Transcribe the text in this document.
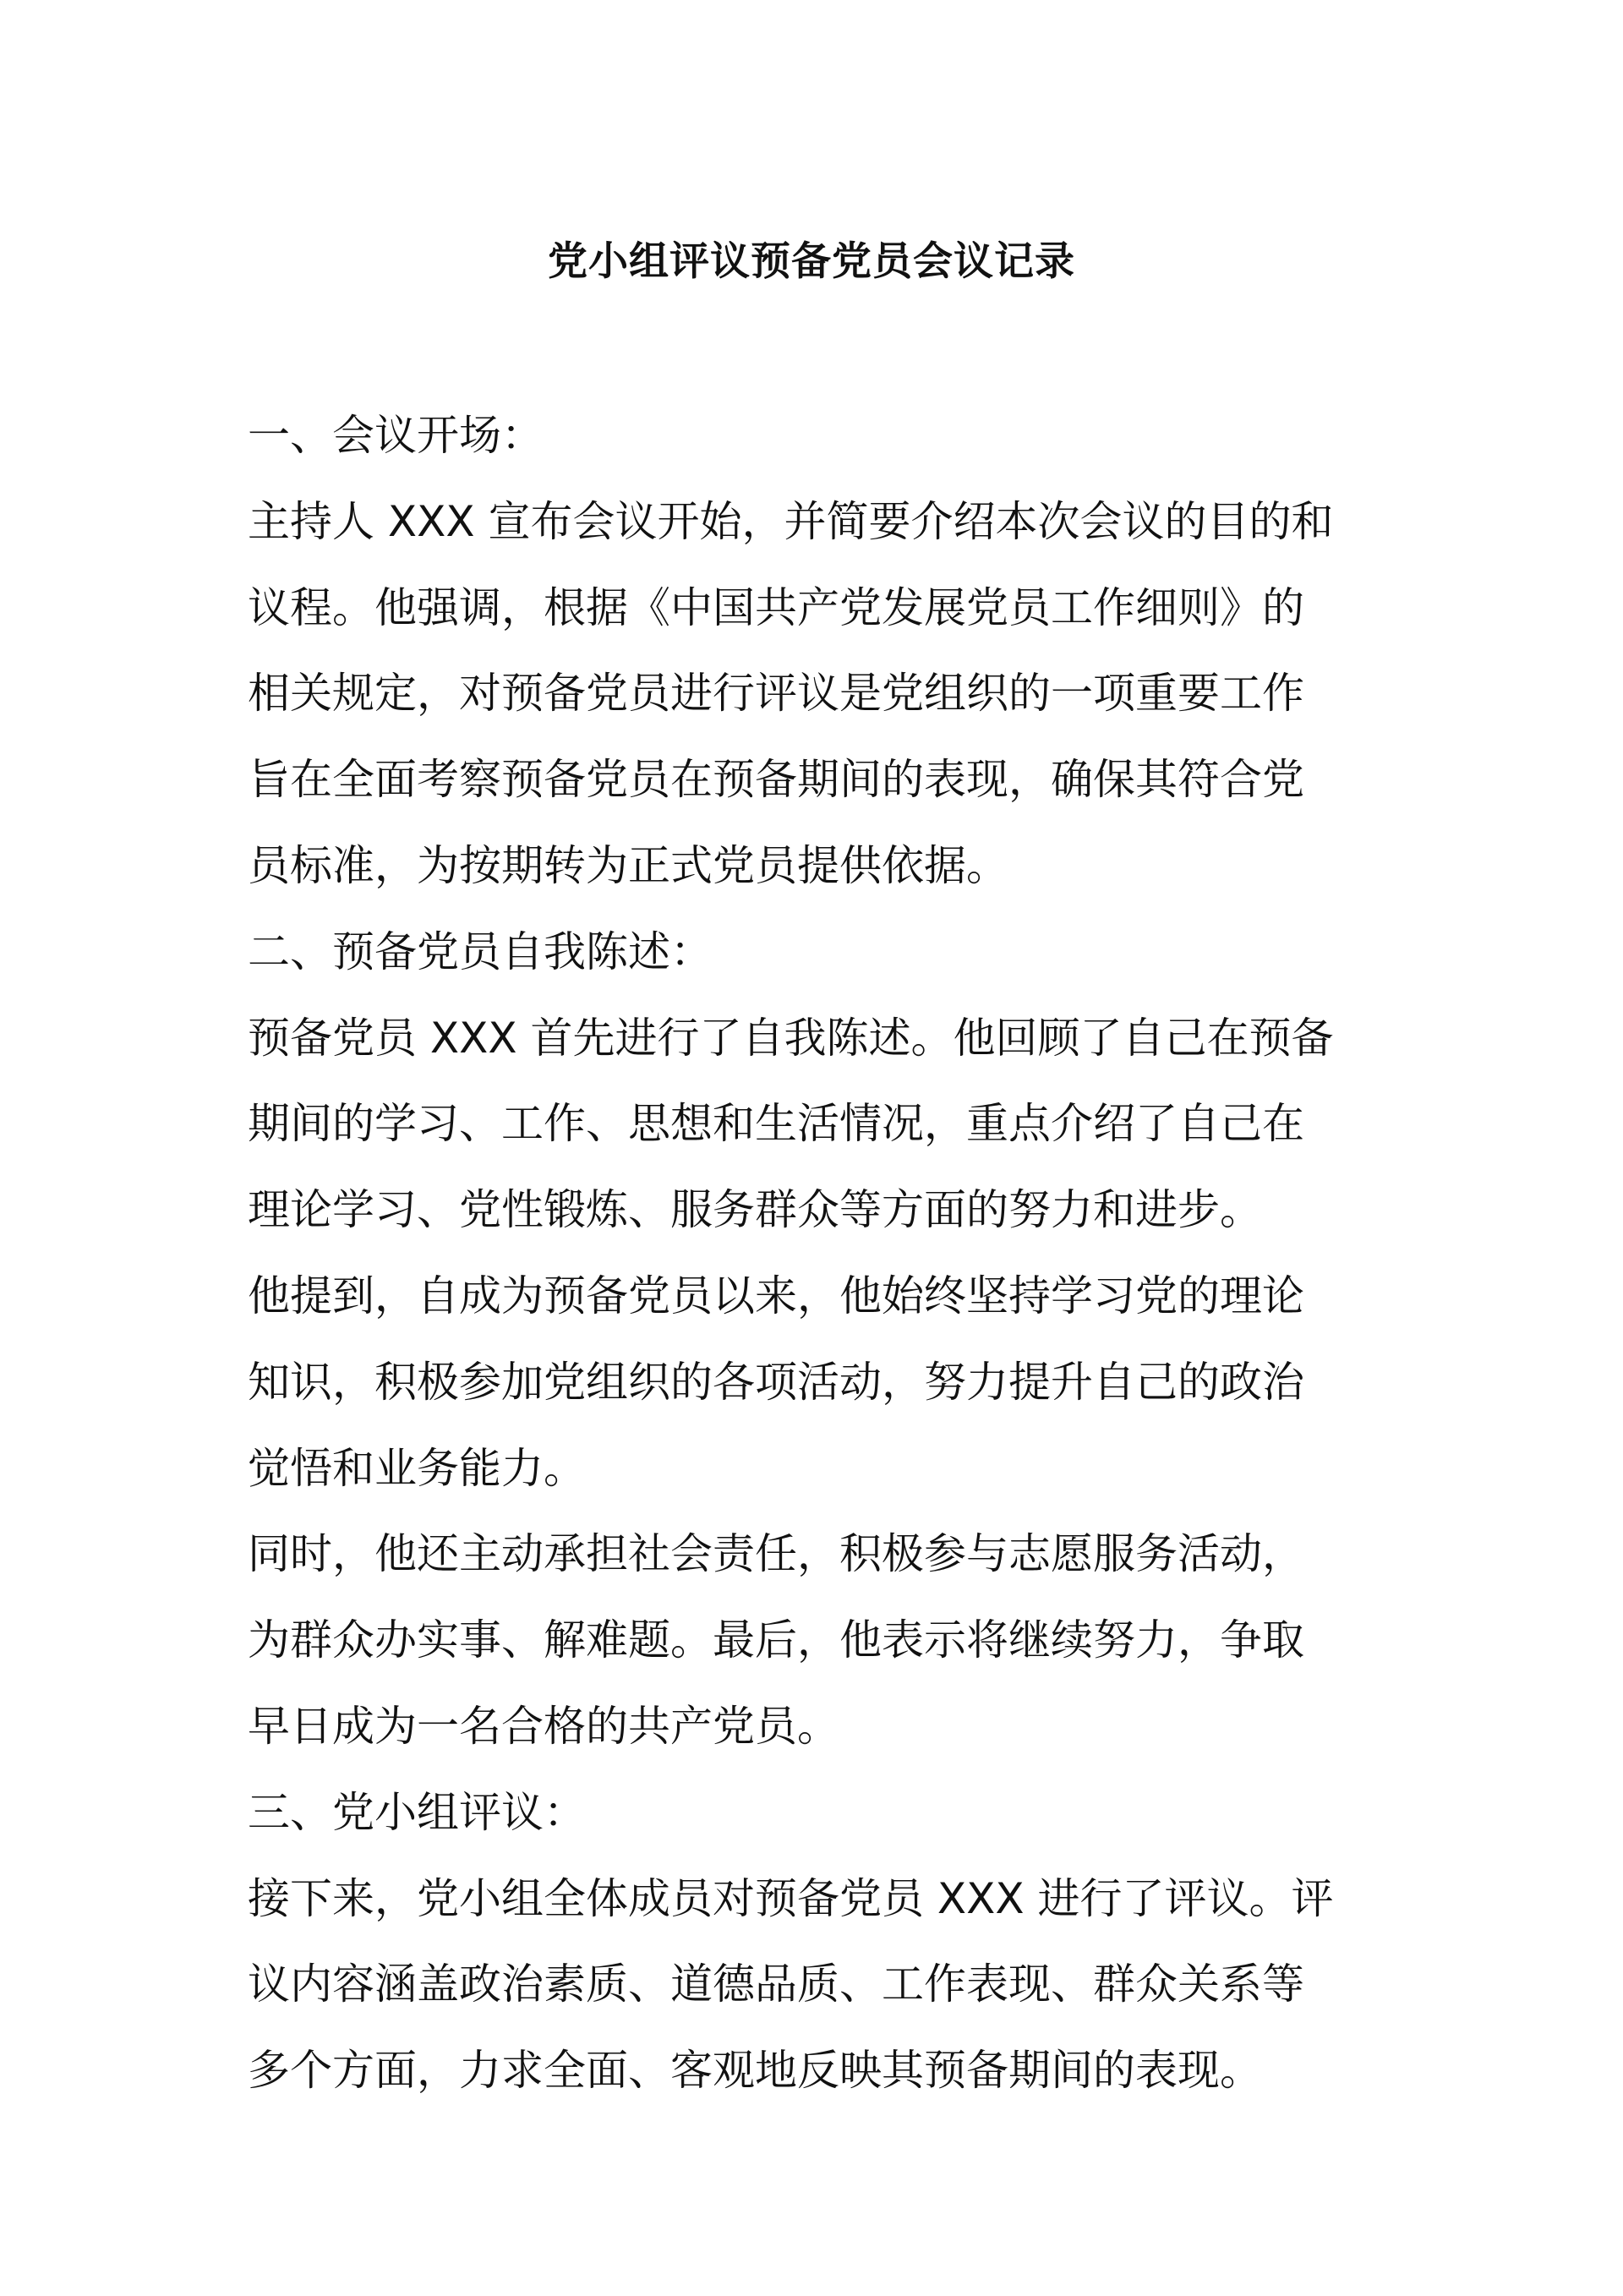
党小组评议预备党员会议记录

一、会议开场：

主持人 XXX 宣布会议开始，并简要介绍本次会议的目的和

议程。他强调，根据《中国共产党发展党员工作细则》的

相关规定，对预备党员进行评议是党组织的一项重要工作

旨在全面考察预备党员在预备期间的表现，确保其符合党

员标准，为按期转为正式党员提供依据。

二、预备党员自我陈述：

预备党员 XXX 首先进行了自我陈述。他回顾了自己在预备

期间的学习、工作、思想和生活情况，重点介绍了自己在

理论学习、党性锻炼、服务群众等方面的努力和进步。

他提到，自成为预备党员以来，他始终坚持学习党的理论

知识，积极参加党组织的各项活动，努力提升自己的政治

觉悟和业务能力。

同时，他还主动承担社会责任，积极参与志愿服务活动，

为群众办实事、解难题。最后，他表示将继续努力，争取

早日成为一名合格的共产党员。

三、党小组评议：

接下来，党小组全体成员对预备党员 XXX 进行了评议。评

议内容涵盖政治素质、道德品质、工作表现、群众关系等

多个方面，力求全面、客观地反映其预备期间的表现。
